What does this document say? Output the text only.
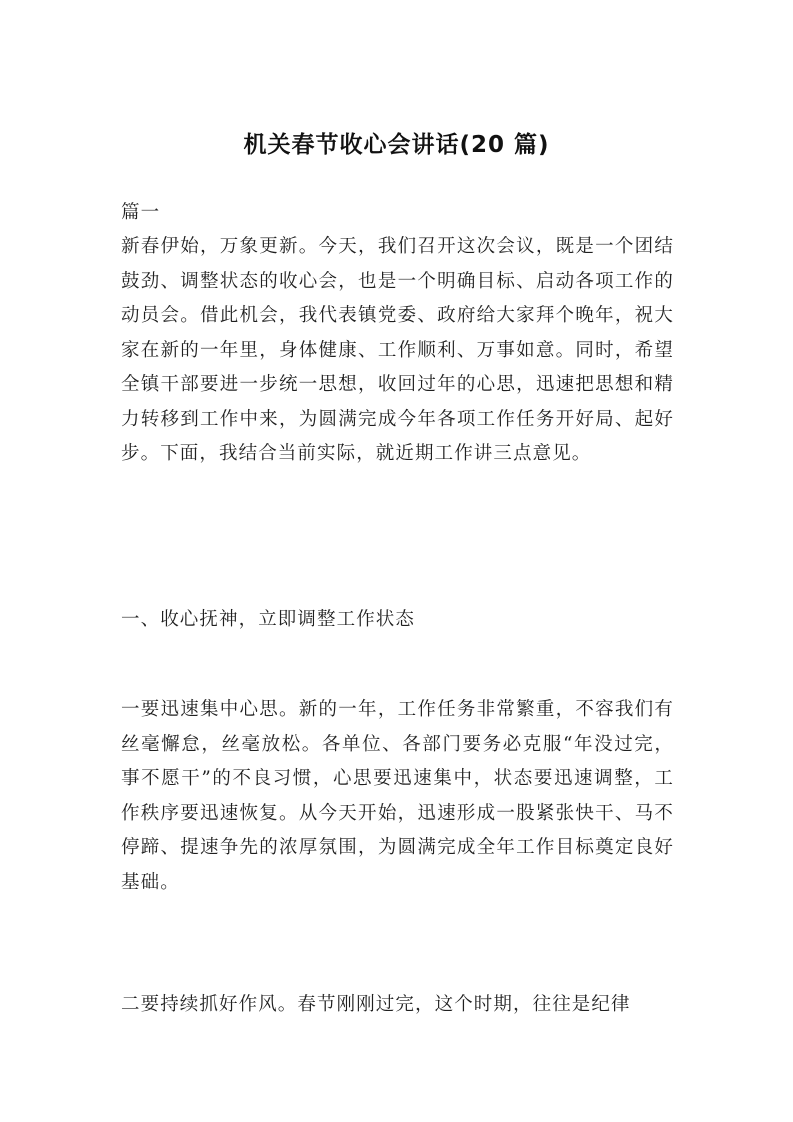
机关春节收心会讲话(20 篇)
篇一
新春伊始，万象更新。今天，我们召开这次会议，既是一个团结鼓劲、调整状态的收心会，也是一个明确目标、启动各项工作的动员会。借此机会，我代表镇党委、政府给大家拜个晚年，祝大家在新的一年里，身体健康、工作顺利、万事如意。同时，希望全镇干部要进一步统一思想，收回过年的心思，迅速把思想和精力转移到工作中来，为圆满完成今年各项工作任务开好局、起好步。下面，我结合当前实际，就近期工作讲三点意见。
一、收心抚神，立即调整工作状态
一要迅速集中心思。新的一年，工作任务非常繁重，不容我们有丝毫懈怠，丝毫放松。各单位、各部门要务必克服“年没过完，事不愿干”的不良习惯，心思要迅速集中，状态要迅速调整，工作秩序要迅速恢复。从今天开始，迅速形成一股紧张快干、马不停蹄、提速争先的浓厚氛围，为圆满完成全年工作目标奠定良好基础。
二要持续抓好作风。春节刚刚过完，这个时期，往往是纪律
